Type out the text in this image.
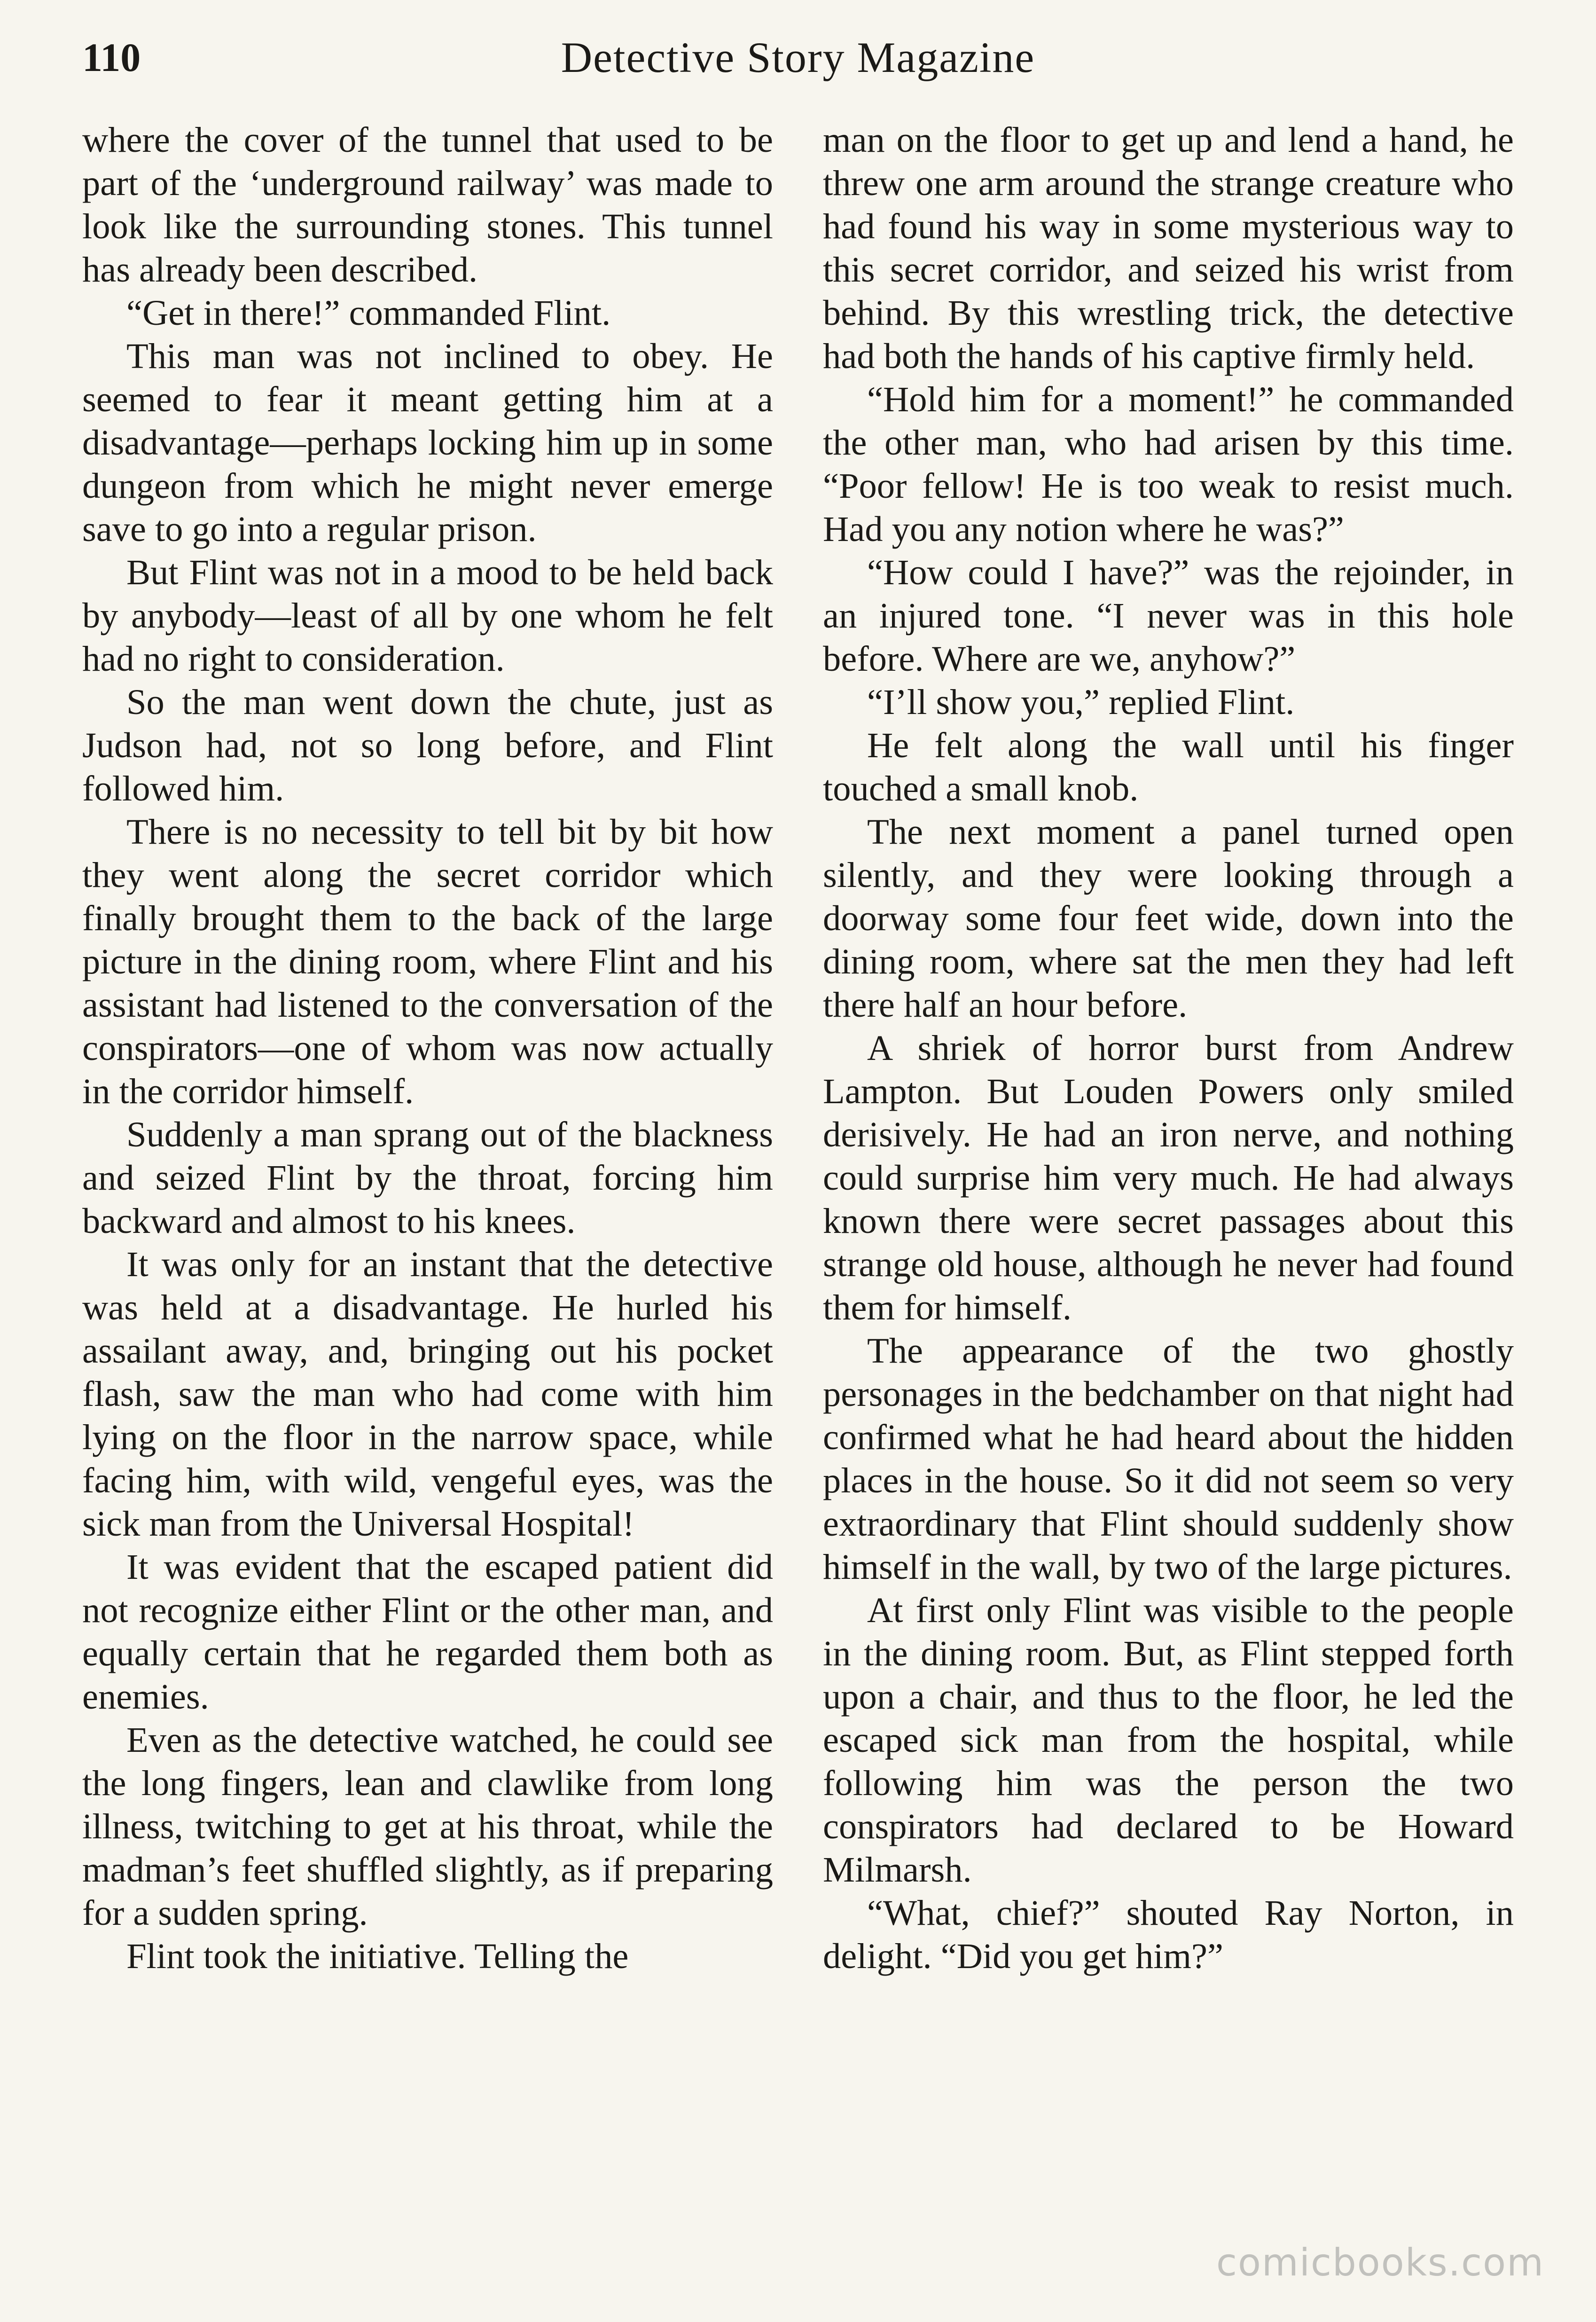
110	Detective Story Magazine

where the cover of the tunnel that used to be part of the ‘underground railway’ was made to look like the surrounding stones. This tunnel has already been described.

“Get in there!” commanded Flint.

This man was not inclined to obey. He seemed to fear it meant getting him at a disadvantage—perhaps locking him up in some dungeon from which he might never emerge save to go into a regular prison.

But Flint was not in a mood to be held back by anybody—least of all by one whom he felt had no right to consideration.

So the man went down the chute, just as Judson had, not so long before, and Flint followed him.

There is no necessity to tell bit by bit how they went along the secret corridor which finally brought them to the back of the large picture in the dining room, where Flint and his assistant had listened to the conversation of the conspirators—one of whom was now actually in the corridor himself.

Suddenly a man sprang out of the blackness and seized Flint by the throat, forcing him backward and almost to his knees.

It was only for an instant that the detective was held at a disadvantage. He hurled his assailant away, and, bringing out his pocket flash, saw the man who had come with him lying on the floor in the narrow space, while facing him, with wild, vengeful eyes, was the sick man from the Universal Hospital!

It was evident that the escaped patient did not recognize either Flint or the other man, and equally certain that he regarded them both as enemies.

Even as the detective watched, he could see the long fingers, lean and clawlike from long illness, twitching to get at his throat, while the madman’s feet shuffled slightly, as if preparing for a sudden spring.

Flint took the initiative. Telling the

man on the floor to get up and lend a hand, he threw one arm around the strange creature who had found his way in some mysterious way to this secret corridor, and seized his wrist from behind. By this wrestling trick, the detective had both the hands of his captive firmly held.

“Hold him for a moment!” he commanded the other man, who had arisen by this time. “Poor fellow! He is too weak to resist much. Had you any notion where he was?”

“How could I have?” was the rejoinder, in an injured tone. “I never was in this hole before. Where are we, anyhow?”

“I’ll show you,” replied Flint.

He felt along the wall until his finger touched a small knob.

The next moment a panel turned open silently, and they were looking through a doorway some four feet wide, down into the dining room, where sat the men they had left there half an hour before.

A shriek of horror burst from Andrew Lampton. But Louden Powers only smiled derisively. He had an iron nerve, and nothing could surprise him very much. He had always known there were secret passages about this strange old house, although he never had found them for himself.

The appearance of the two ghostly personages in the bedchamber on that night had confirmed what he had heard about the hidden places in the house. So it did not seem so very extraordinary that Flint should suddenly show himself in the wall, by two of the large pictures.

At first only Flint was visible to the people in the dining room. But, as Flint stepped forth upon a chair, and thus to the floor, he led the escaped sick man from the hospital, while following him was the person the two conspirators had declared to be Howard Milmarsh.

“What, chief?” shouted Ray Norton, in delight. “Did you get him?”

comicbooks.com
